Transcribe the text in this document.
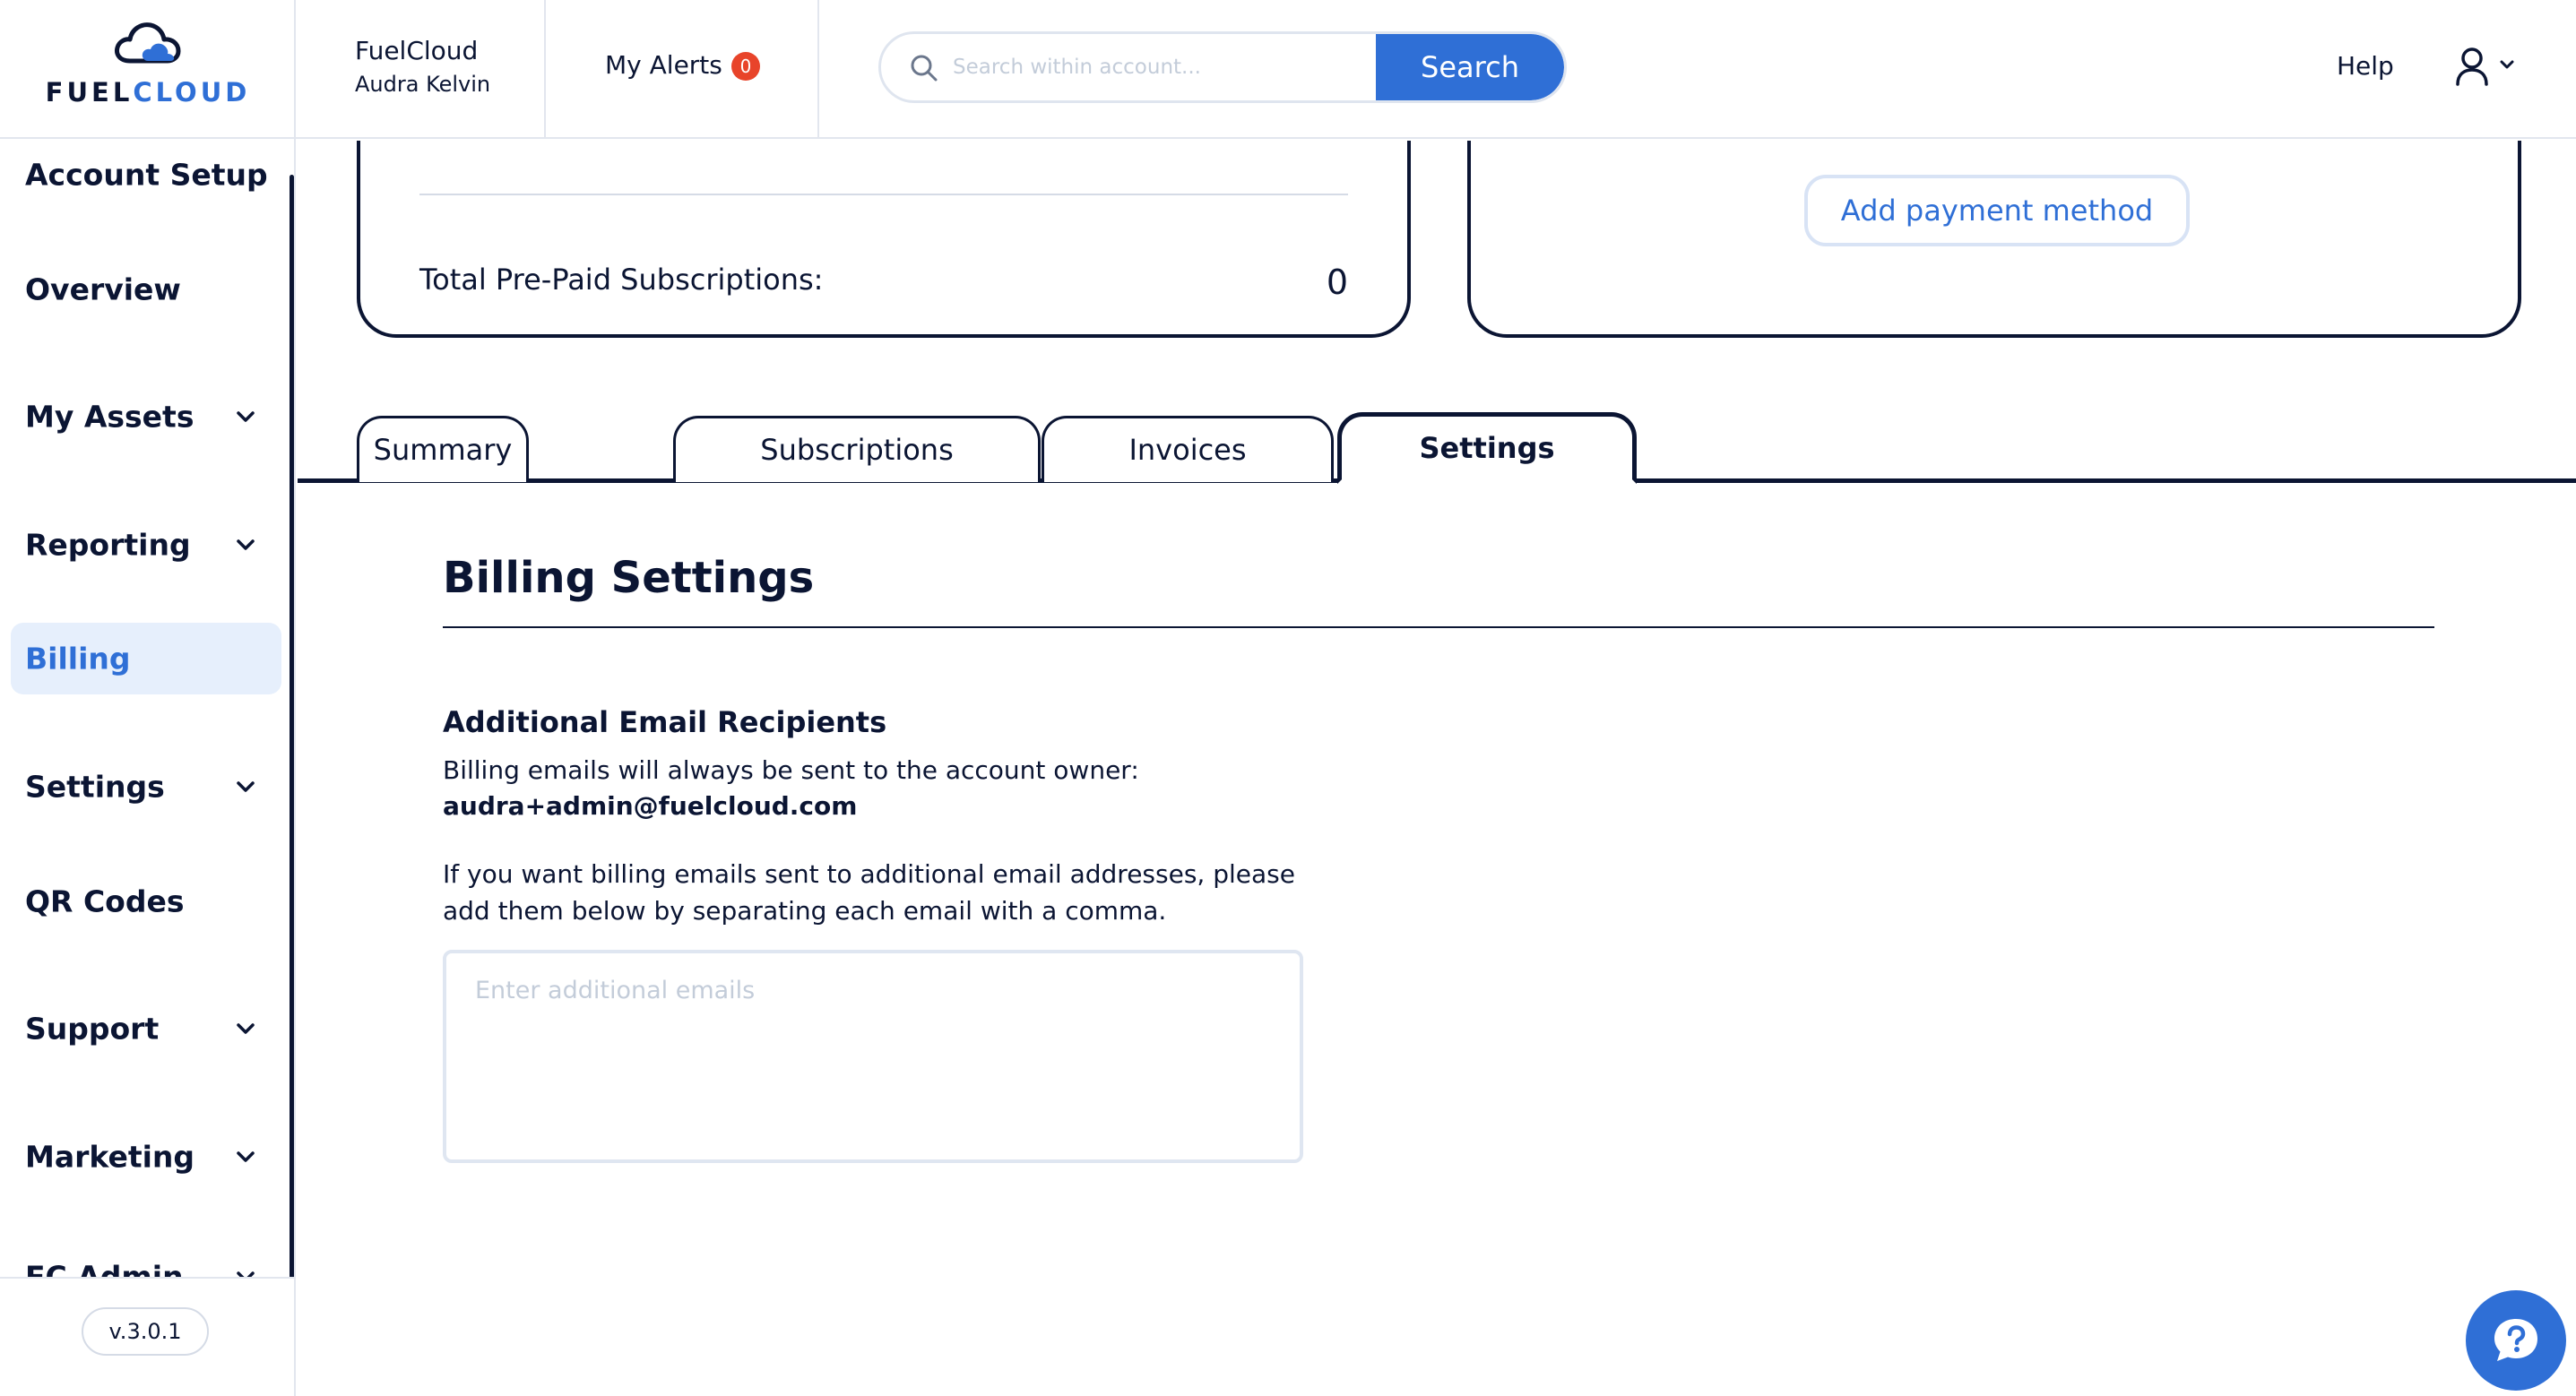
FUELCLOUD
FuelCloud
Audra Kelvin
My Alerts 0
Search within account...	Search	Help
Account Setup
Overview
My Assets
Reporting
Billing
Settings
QR Codes
Support
Marketing
v.3.0.1
Total Pre-Paid Subscriptions:	0
Add payment method
Summary	Subscriptions	Invoices	Settings
Billing Settings
Additional Email Recipients
Billing emails will always be sent to the account owner:
audra+admin@fuelcloud.com
If you want billing emails sent to additional email addresses, please add them below by separating each email with a comma.
Enter additional emails
